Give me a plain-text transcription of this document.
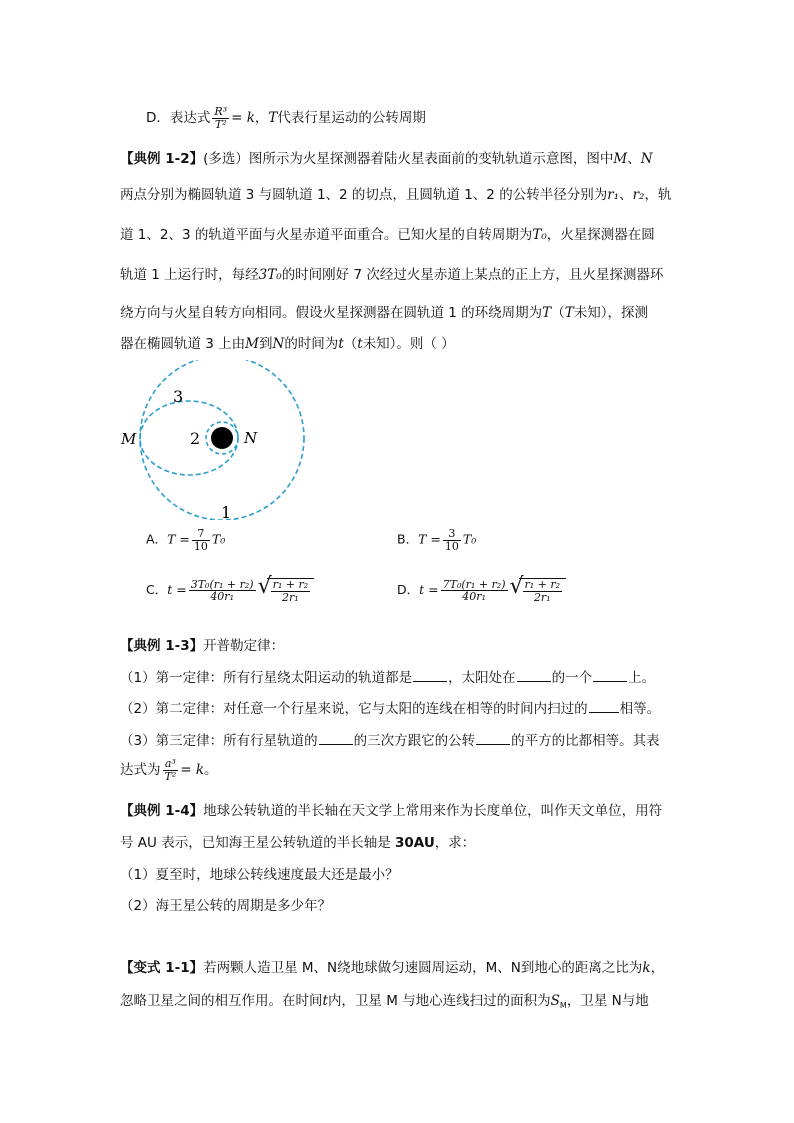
D．表达式 $\frac{\text{R³}}{\text{T²}} = k$，T代表行星运动的公转周期
【典例 1-2】(多选）图所示为火星探测器着陆火星表面前的变轨轨道示意图，图中M、N
两点分别为椭圆轨道 3 与圆轨道 1、2 的切点，且圆轨道 1、2 的公转半径分别为r₁、r₂，轨
道 1、2、3 的轨道平面与火星赤道平面重合。已知火星的自转周期为T₀，火星探测器在圆
轨道 1 上运行时，每经3T₀的时间刚好 7 次经过火星赤道上某点的正上方，且火星探测器环
绕方向与火星自转方向相同。假设火星探测器在圆轨道 1 的环绕周期为T（T未知），探测
器在椭圆轨道 3 上由M到N的时间为t（t未知）。则（ ）
M	N
2
3
1
A．$T = \frac{7}{10} T_0$	B．$T = \frac{3}{10} T_0$
C．$t = \frac{\text{3T₀(r₁ + r₂)}}{\text{40r₁}}$ √
$\frac{\text{r₁ + r₂}}{\text{2r₁}}$	D．$t = \frac{\text{7T₀(r₁ + r₂)}}{\text{40r₁}}$ √
$\frac{\text{r₁ + r₂}}{\text{2r₁}}$
【典例 1-3】开普勒定律：
（1）第一定律：所有行星绕太阳运动的轨道都是	，太阳处在	的一个	上。
（2）第二定律：对任意一个行星来说，它与太阳的连线在相等的时间内扫过的 相等。
（3）第三定律：所有行星轨道的	的三次方跟它的公转	的平方的比都相等。其表
达式为 $\frac{\text{a³}}{\text{T²}} = k$。
【典例 1-4】地球公转轨道的半长轴在天文学上常用来作为长度单位，叫作天文单位，用符
号 AU 表示，已知海王星公转轨道的半长轴是 30AU，求：
（1）夏至时，地球公转线速度最大还是最小？
（2）海王星公转的周期是多少年？
【变式 1-1】若两颗人造卫星 M、N绕地球做匀速圆周运动，M、N到地心的距离之比为k，
忽略卫星之间的相互作用。在时间t内，卫星 M 与地心连线扫过的面积为$S_M$，卫星 N与地
